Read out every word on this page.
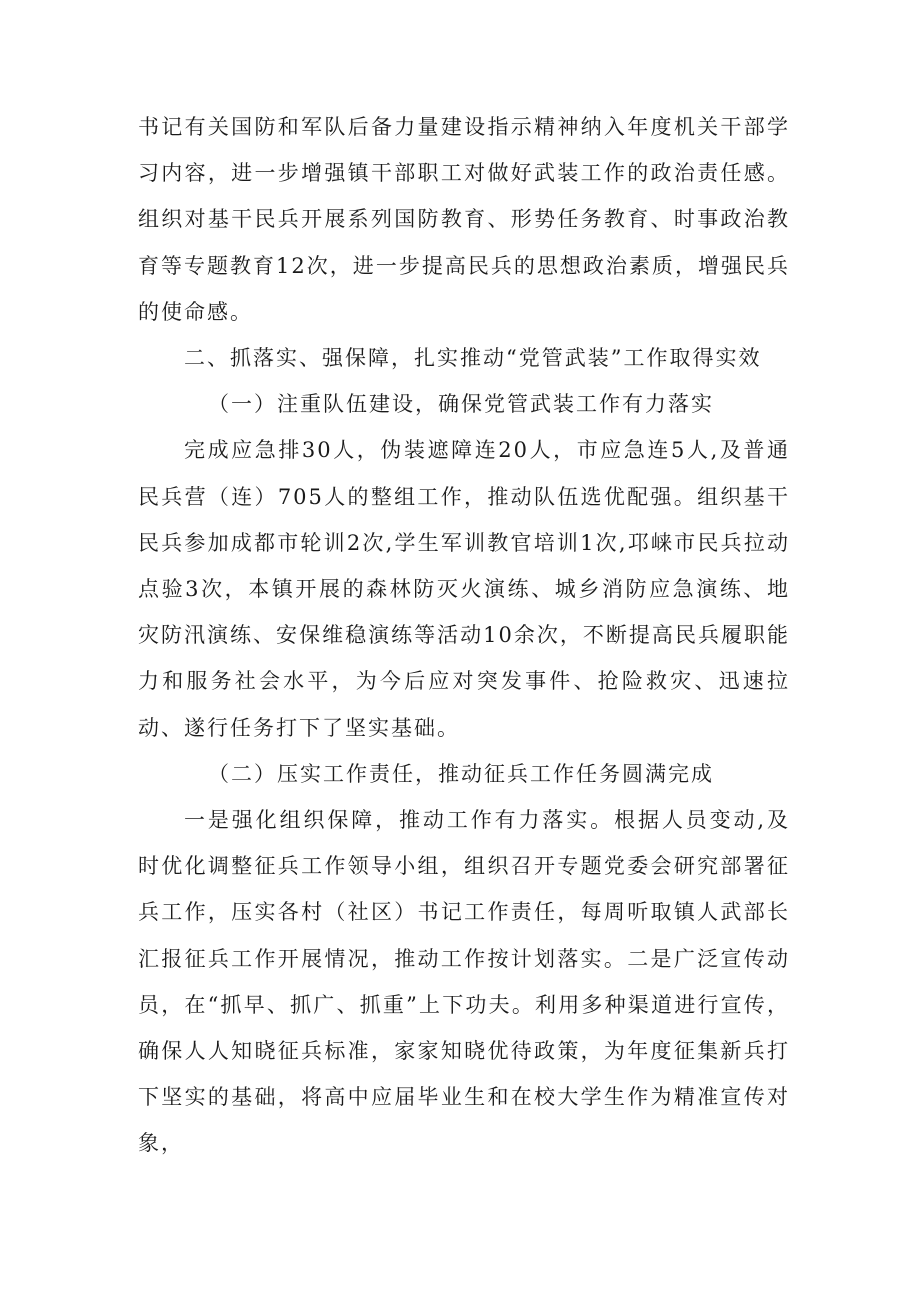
书记有关国防和军队后备力量建设指示精神纳入年度机关干部学习内容，进一步增强镇干部职工对做好武装工作的政治责任感。组织对基干民兵开展系列国防教育、形势任务教育、时事政治教育等专题教育12次，进一步提高民兵的思想政治素质，增强民兵的使命感。

二、抓落实、强保障，扎实推动“党管武装”工作取得实效

（一）注重队伍建设，确保党管武装工作有力落实

完成应急排30人，伪装遮障连20人，市应急连5人,及普通民兵营（连）705人的整组工作，推动队伍选优配强。组织基干民兵参加成都市轮训2次,学生军训教官培训1次,邛崃市民兵拉动点验3次，本镇开展的森林防灭火演练、城乡消防应急演练、地灾防汛演练、安保维稳演练等活动10余次，不断提高民兵履职能力和服务社会水平，为今后应对突发事件、抢险救灾、迅速拉动、遂行任务打下了坚实基础。

（二）压实工作责任，推动征兵工作任务圆满完成

一是强化组织保障，推动工作有力落实。根据人员变动,及时优化调整征兵工作领导小组，组织召开专题党委会研究部署征兵工作，压实各村（社区）书记工作责任，每周听取镇人武部长汇报征兵工作开展情况，推动工作按计划落实。二是广泛宣传动员，在“抓早、抓广、抓重”上下功夫。利用多种渠道进行宣传，确保人人知晓征兵标准，家家知晓优待政策，为年度征集新兵打下坚实的基础，将高中应届毕业生和在校大学生作为精准宣传对象，
